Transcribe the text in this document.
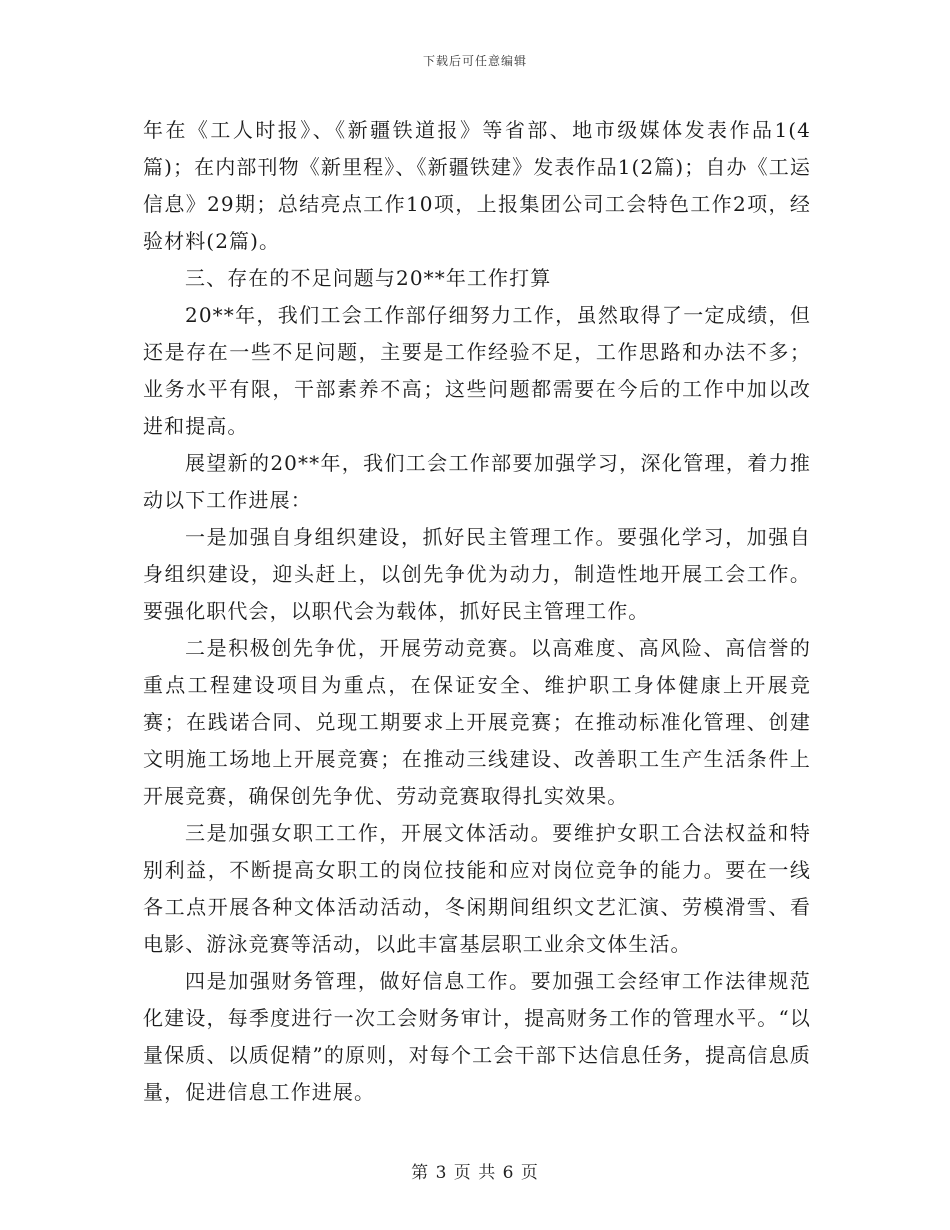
下载后可任意编辑

年在《工人时报》、《新疆铁道报》等省部、地市级媒体发表作品1(4篇)；在内部刊物《新里程》、《新疆铁建》发表作品1(2篇)；自办《工运信息》29期；总结亮点工作10项，上报集团公司工会特色工作2项，经验材料(2篇)。

三、存在的不足问题与20**年工作打算

20**年，我们工会工作部仔细努力工作，虽然取得了一定成绩，但还是存在一些不足问题，主要是工作经验不足，工作思路和办法不多；业务水平有限，干部素养不高；这些问题都需要在今后的工作中加以改进和提高。

展望新的20**年，我们工会工作部要加强学习，深化管理，着力推动以下工作进展：

一是加强自身组织建设，抓好民主管理工作。要强化学习，加强自身组织建设，迎头赶上，以创先争优为动力，制造性地开展工会工作。要强化职代会，以职代会为载体，抓好民主管理工作。

二是积极创先争优，开展劳动竞赛。以高难度、高风险、高信誉的重点工程建设项目为重点，在保证安全、维护职工身体健康上开展竞赛；在践诺合同、兑现工期要求上开展竞赛；在推动标准化管理、创建文明施工场地上开展竞赛；在推动三线建设、改善职工生产生活条件上开展竞赛，确保创先争优、劳动竞赛取得扎实效果。

三是加强女职工工作，开展文体活动。要维护女职工合法权益和特别利益，不断提高女职工的岗位技能和应对岗位竞争的能力。要在一线各工点开展各种文体活动活动，冬闲期间组织文艺汇演、劳模滑雪、看电影、游泳竞赛等活动，以此丰富基层职工业余文体生活。

四是加强财务管理，做好信息工作。要加强工会经审工作法律规范化建设，每季度进行一次工会财务审计，提高财务工作的管理水平。“以量保质、以质促精”的原则，对每个工会干部下达信息任务，提高信息质量，促进信息工作进展。

第 3 页 共 6 页
